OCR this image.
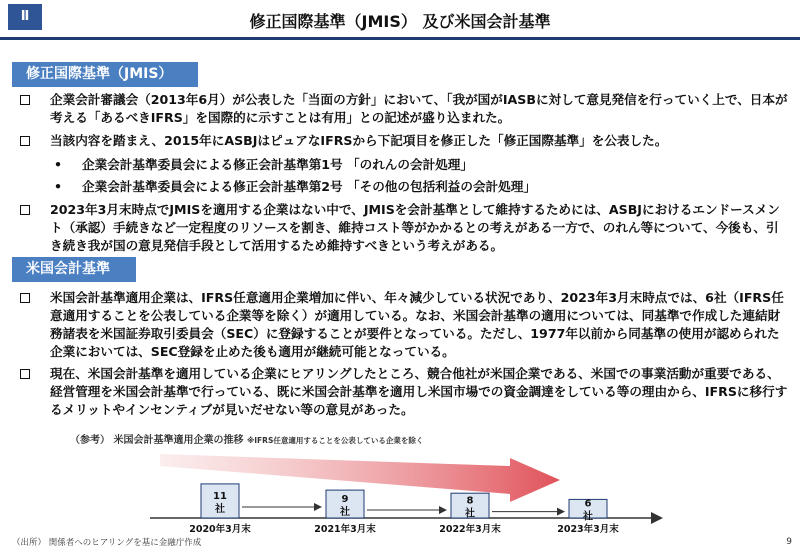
Ⅱ	修正国際基準（JMIS） 及び米国会計基準
修正国際基準（JMIS）
企業会計審議会（2013年6月）が公表した「当面の方針」において、「我が国がIASBに対して意見発信を行っていく上で、日本が考える「あるべきIFRS」を国際的に示すことは有用」との記述が盛り込まれた。
当該内容を踏まえ、2015年にASBJはピュアなIFRSから下記項目を修正した「修正国際基準」を公表した。
• 企業会計基準委員会による修正会計基準第1号 「のれんの会計処理」
• 企業会計基準委員会による修正会計基準第2号 「その他の包括利益の会計処理」
2023年3月末時点でJMISを適用する企業はない中で、JMISを会計基準として維持するためには、ASBJにおけるエンドースメント（承認）手続きなど一定程度のリソースを割き、維持コスト等がかかるとの考えがある一方で、のれん等について、今後も、引き続き我が国の意見発信手段として活用するため維持すべきという考えがある。
米国会計基準
米国会計基準適用企業は、IFRS任意適用企業増加に伴い、年々減少している状況であり、2023年3月末時点では、6社（IFRS任意適用することを公表している企業等を除く）が適用している。なお、米国会計基準の適用については、同基準で作成した連結財務諸表を米国証券取引委員会（SEC）に登録することが要件となっている。ただし、1977年以前から同基準の使用が認められた企業においては、SEC登録を止めた後も適用が継続可能となっている。
現在、米国会計基準を適用している企業にヒアリングしたところ、競合他社が米国企業である、米国での事業活動が重要である、経営管理を米国会計基準で行っている、既に米国会計基準を適用し米国市場での資金調達をしている等の理由から、IFRSに移行するメリットやインセンティブが見いだせない等の意見があった。
（参考） 米国会計基準適用企業の推移 ※IFRS任意適用することを公表している企業を除く
11
社
2020年3月末
9
社
2021年3月末
8
社
2022年3月末
6
社
2023年3月末
（出所） 関係者へのヒアリングを基に金融庁作成	9
